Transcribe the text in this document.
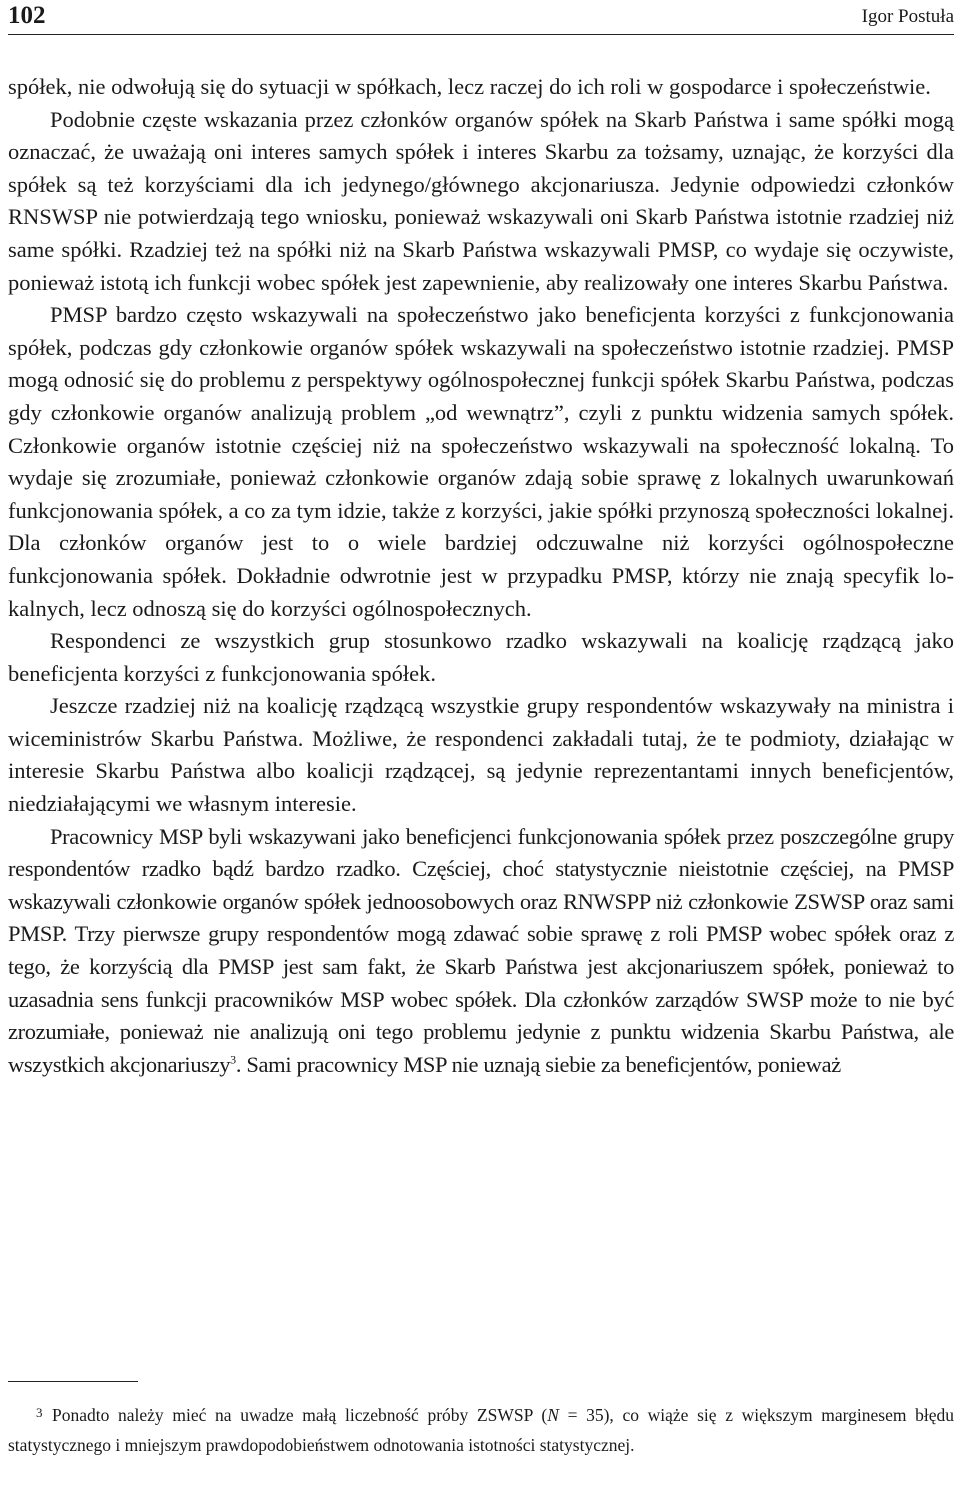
102	Igor Postuła

spółek, nie odwołują się do sytuacji w spółkach, lecz raczej do ich roli w gospodarce i społeczeństwie.

Podobnie częste wskazania przez członków organów spółek na Skarb Państwa i same spółki mogą oznaczać, że uważają oni interes samych spółek i interes Skarbu za tożsamy, uznając, że korzyści dla spółek są też korzyściami dla ich jedynego/głównego akcjonariusza. Jedynie odpowiedzi członków RNSWSP nie potwierdzają tego wniosku, ponieważ wskazywali oni Skarb Państwa istotnie rzadziej niż same spółki. Rzadziej też na spółki niż na Skarb Państwa wskazywali PMSP, co wydaje się oczywiste, ponieważ istotą ich funkcji wobec spółek jest zapewnienie, aby realizowały one interes Skarbu Państwa.

PMSP bardzo często wskazywali na społeczeństwo jako beneficjenta korzyści z funkcjonowania spółek, podczas gdy członkowie organów spółek wskazywali na społeczeństwo istotnie rzadziej. PMSP mogą odnosić się do problemu z perspektywy ogólnospołecznej funkcji spółek Skarbu Państwa, podczas gdy członkowie organów analizują problem „od wewnątrz”, czyli z punktu widzenia samych spółek. Członkowie organów istotnie częściej niż na społeczeństwo wskazywali na społeczność lokalną. To wydaje się zrozumiałe, ponieważ członkowie organów zdają sobie sprawę z lokalnych uwarunkowań funkcjonowania spółek, a co za tym idzie, także z korzyści, jakie spółki przynoszą społeczności lokalnej. Dla członków organów jest to o wiele bardziej odczuwalne niż korzyści ogólnospołeczne funkcjonowania spółek. Dokładnie odwrotnie jest w przypadku PMSP, którzy nie znają specyfik lokalnych, lecz odnoszą się do korzyści ogólnospołecznych.

Respondenci ze wszystkich grup stosunkowo rzadko wskazywali na koalicję rządzącą jako beneficjenta korzyści z funkcjonowania spółek.

Jeszcze rzadziej niż na koalicję rządzącą wszystkie grupy respondentów wskazywały na ministra i wiceministrów Skarbu Państwa. Możliwe, że respondenci zakładali tutaj, że te podmioty, działając w interesie Skarbu Państwa albo koalicji rządzącej, są jedynie reprezentantami innych beneficjentów, niedziałającymi we własnym interesie.

Pracownicy MSP byli wskazywani jako beneficjenci funkcjonowania spółek przez poszczególne grupy respondentów rzadko bądź bardzo rzadko. Częściej, choć statystycznie nieistotnie częściej, na PMSP wskazywali członkowie organów spółek jednoosobowych oraz RNWSPP niż członkowie ZSWSP oraz sami PMSP. Trzy pierwsze grupy respondentów mogą zdawać sobie sprawę z roli PMSP wobec spółek oraz z tego, że korzyścią dla PMSP jest sam fakt, że Skarb Państwa jest akcjonariuszem spółek, ponieważ to uzasadnia sens funkcji pracowników MSP wobec spółek. Dla członków zarządów SWSP może to nie być zrozumiałe, ponieważ nie analizują oni tego problemu jedynie z punktu widzenia Skarbu Państwa, ale wszystkich akcjonariuszy$^3$. Sami pracownicy MSP nie uznają siebie za beneficjentów, ponieważ

3 Ponadto należy mieć na uwadze małą liczebność próby ZSWSP (N = 35), co wiąże się z większym marginesem błędu statystycznego i mniejszym prawdopodobieństwem odnotowania istotności statystycznej.
